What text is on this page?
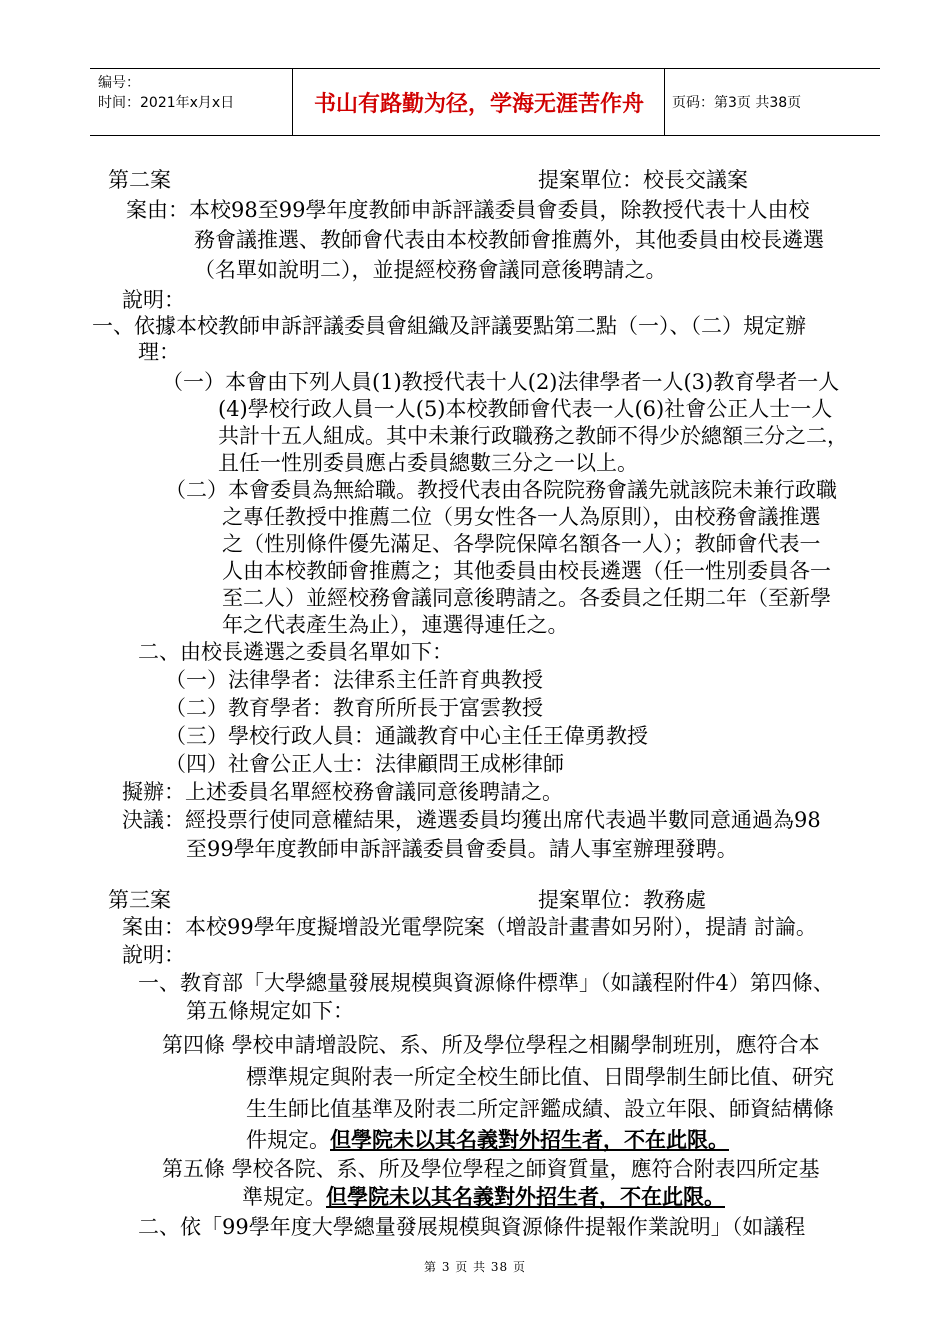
编号：
时间：2021年x月x日	书山有路勤为径，学海无涯苦作舟	页码：第3页 共38页
第二案	提案單位：校長交議案
案由：本校98至99學年度教師申訴評議委員會委員，除教授代表十人由校
務會議推選、教師會代表由本校教師會推薦外，其他委員由校長遴選
（名單如說明二），並提經校務會議同意後聘請之。
說明：
一、依據本校教師申訴評議委員會組織及評議要點第二點（一）、（二）規定辦
理：
（一）本會由下列人員(1)教授代表十人(2)法律學者一人(3)教育學者一人
(4)學校行政人員一人(5)本校教師會代表一人(6)社會公正人士一人
共計十五人組成。其中未兼行政職務之教師不得少於總額三分之二，
且任一性別委員應占委員總數三分之一以上。
（二）本會委員為無給職。教授代表由各院院務會議先就該院未兼行政職
之專任教授中推薦二位（男女性各一人為原則），由校務會議推選
之（性別條件優先滿足、各學院保障名額各一人）；教師會代表一
人由本校教師會推薦之；其他委員由校長遴選（任一性別委員各一
至二人）並經校務會議同意後聘請之。各委員之任期二年（至新學
年之代表產生為止），連選得連任之。
二、由校長遴選之委員名單如下：
（一）法律學者：法律系主任許育典教授
（二）教育學者：教育所所長于富雲教授
（三）學校行政人員：通識教育中心主任王偉勇教授
（四）社會公正人士：法律顧問王成彬律師
擬辦：上述委員名單經校務會議同意後聘請之。
決議：經投票行使同意權結果，遴選委員均獲出席代表過半數同意通過為98
至99學年度教師申訴評議委員會委員。請人事室辦理發聘。
第三案	提案單位：教務處
案由：本校99學年度擬增設光電學院案（增設計畫書如另附），提請 討論。
說明：
一、教育部「大學總量發展規模與資源條件標準」（如議程附件4）第四條、
第五條規定如下：
第四條 學校申請增設院、系、所及學位學程之相關學制班別，應符合本
標準規定與附表一所定全校生師比值、日間學制生師比值、研究
生生師比值基準及附表二所定評鑑成績、設立年限、師資結構條
件規定。但學院未以其名義對外招生者，不在此限。
第五條 學校各院、系、所及學位學程之師資質量，應符合附表四所定基
準規定。但學院未以其名義對外招生者，不在此限。
二、依「99學年度大學總量發展規模與資源條件提報作業說明」（如議程
第 3 页 共 38 页
